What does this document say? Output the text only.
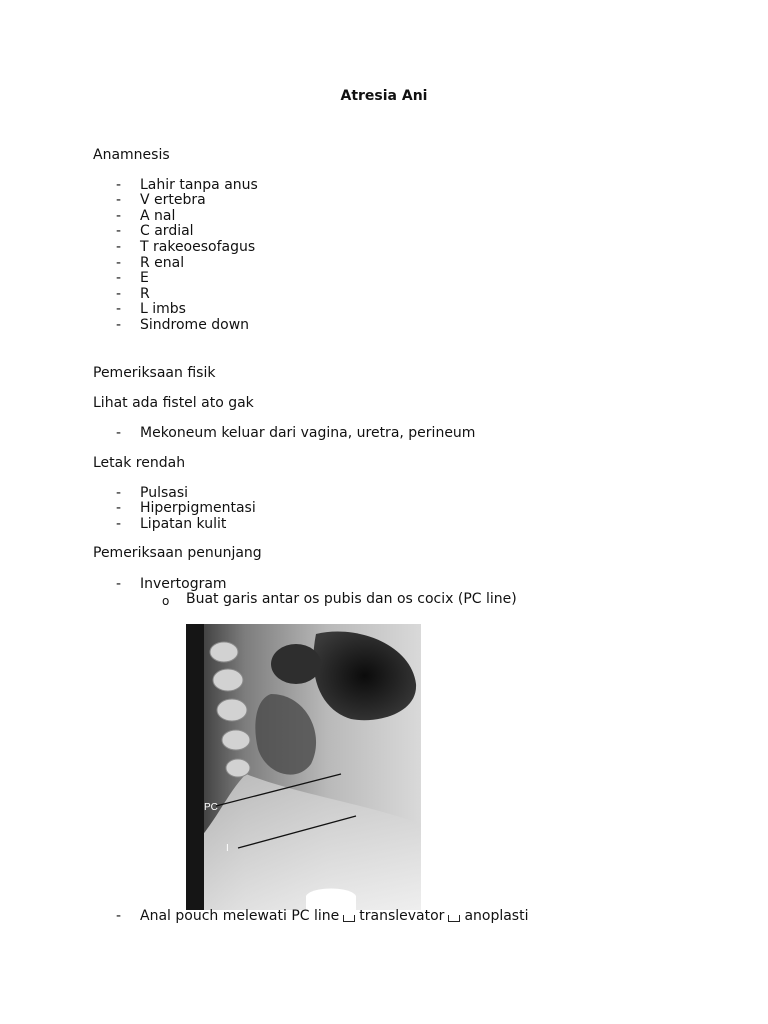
Atresia Ani
Anamnesis
- Lahir tanpa anus
- V ertebra
- A nal
- C ardial
- T rakeoesofagus
- R enal
- E
- R
- L imbs
- Sindrome down
Pemeriksaan fisik
Lihat ada fistel ato gak
- Mekoneum keluar dari vagina, uretra, perineum
Letak rendah
- Pulsasi
- Hiperpigmentasi
- Lipatan kulit
Pemeriksaan penunjang
- Invertogram
o Buat garis antar os pubis dan os cocix (PC line)
PC
I
- Anal pouch melewati PC line translevator anoplasti
